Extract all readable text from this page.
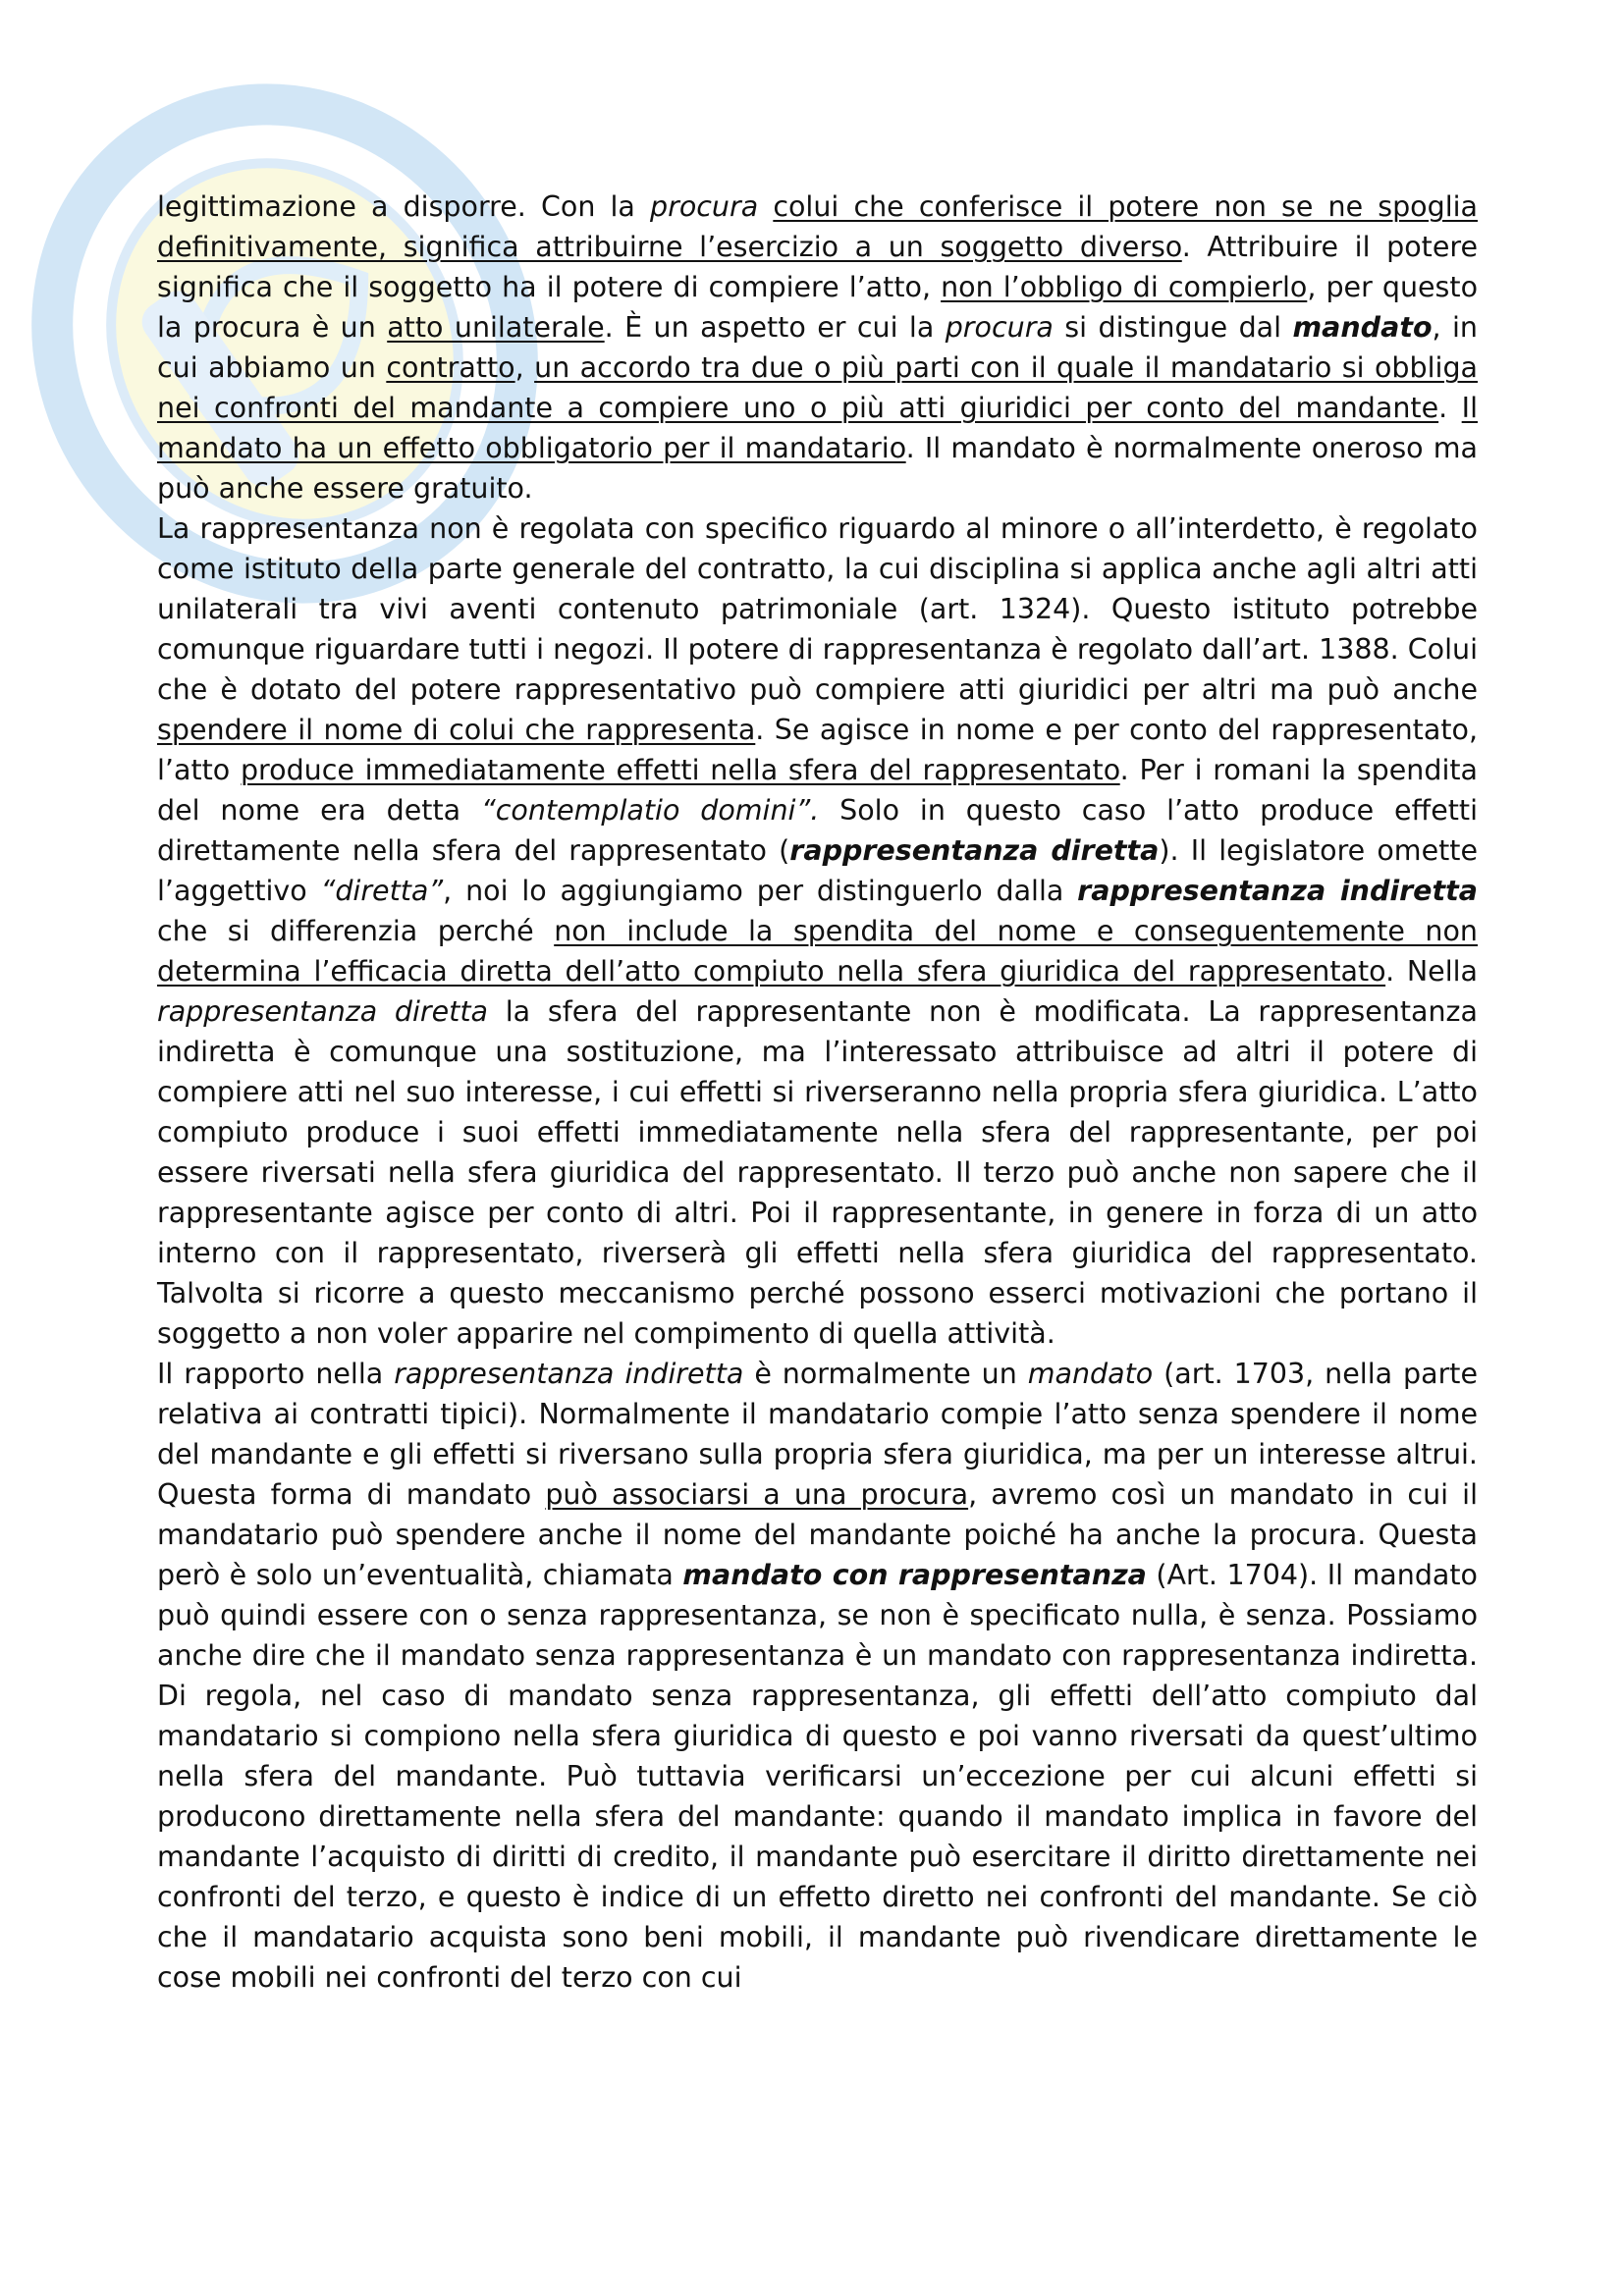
legittimazione a disporre. Con la procura colui che conferisce il potere non se ne spoglia definitivamente, significa attribuirne l’esercizio a un soggetto diverso. Attribuire il potere significa che il soggetto ha il potere di compiere l’atto, non l’obbligo di compierlo, per questo la procura è un atto unilaterale. È un aspetto er cui la procura si distingue dal mandato, in cui abbiamo un contratto, un accordo tra due o più parti con il quale il mandatario si obbliga nei confronti del mandante a compiere uno o più atti giuridici per conto del mandante. Il mandato ha un effetto obbligatorio per il mandatario. Il mandato è normalmente oneroso ma può anche essere gratuito.

La rappresentanza non è regolata con specifico riguardo al minore o all’interdetto, è regolato come istituto della parte generale del contratto, la cui disciplina si applica anche agli altri atti unilaterali tra vivi aventi contenuto patrimoniale (art. 1324). Questo istituto potrebbe comunque riguardare tutti i negozi. Il potere di rappresentanza è regolato dall’art. 1388. Colui che è dotato del potere rappresentativo può compiere atti giuridici per altri ma può anche spendere il nome di colui che rappresenta. Se agisce in nome e per conto del rappresentato, l’atto produce immediatamente effetti nella sfera del rappresentato. Per i romani la spendita del nome era detta “contemplatio domini”. Solo in questo caso l’atto produce effetti direttamente nella sfera del rappresentato (rappresentanza diretta). Il legislatore omette l’aggettivo “diretta”, noi lo aggiungiamo per distinguerlo dalla rappresentanza indiretta che si differenzia perché non include la spendita del nome e conseguentemente non determina l’efficacia diretta dell’atto compiuto nella sfera giuridica del rappresentato. Nella rappresentanza diretta la sfera del rappresentante non è modificata. La rappresentanza indiretta è comunque una sostituzione, ma l’interessato attribuisce ad altri il potere di compiere atti nel suo interesse, i cui effetti si riverseranno nella propria sfera giuridica. L’atto compiuto produce i suoi effetti immediatamente nella sfera del rappresentante, per poi essere riversati nella sfera giuridica del rappresentato. Il terzo può anche non sapere che il rappresentante agisce per conto di altri. Poi il rappresentante, in genere in forza di un atto interno con il rappresentato, riverserà gli effetti nella sfera giuridica del rappresentato. Talvolta si ricorre a questo meccanismo perché possono esserci motivazioni che portano il soggetto a non voler apparire nel compimento di quella attività.

Il rapporto nella rappresentanza indiretta è normalmente un mandato (art. 1703, nella parte relativa ai contratti tipici). Normalmente il mandatario compie l’atto senza spendere il nome del mandante e gli effetti si riversano sulla propria sfera giuridica, ma per un interesse altrui. Questa forma di mandato può associarsi a una procura, avremo così un mandato in cui il mandatario può spendere anche il nome del mandante poiché ha anche la procura. Questa però è solo un’eventualità, chiamata mandato con rappresentanza (Art. 1704). Il mandato può quindi essere con o senza rappresentanza, se non è specificato nulla, è senza. Possiamo anche dire che il mandato senza rappresentanza è un mandato con rappresentanza indiretta. Di regola, nel caso di mandato senza rappresentanza, gli effetti dell’atto compiuto dal mandatario si compiono nella sfera giuridica di questo e poi vanno riversati da quest’ultimo nella sfera del mandante. Può tuttavia verificarsi un’eccezione per cui alcuni effetti si producono direttamente nella sfera del mandante: quando il mandato implica in favore del mandante l’acquisto di diritti di credito, il mandante può esercitare il diritto direttamente nei confronti del terzo, e questo è indice di un effetto diretto nei confronti del mandante. Se ciò che il mandatario acquista sono beni mobili, il mandante può rivendicare direttamente le cose mobili nei confronti del terzo con cui
